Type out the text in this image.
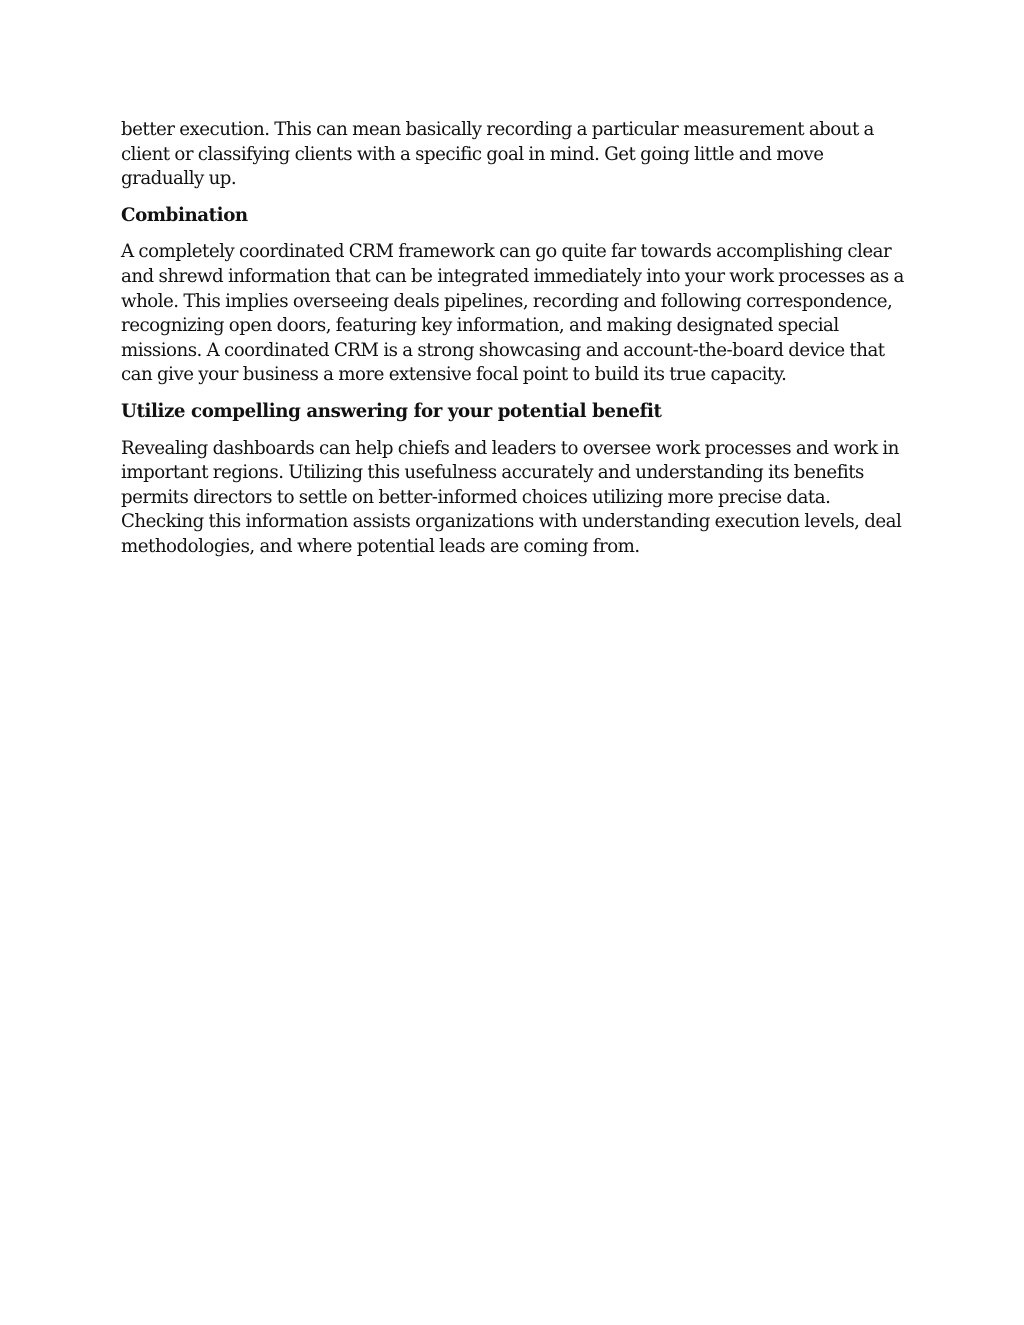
better execution. This can mean basically recording a particular measurement about a client or classifying clients with a specific goal in mind. Get going little and move gradually up.

Combination

A completely coordinated CRM framework can go quite far towards accomplishing clear and shrewd information that can be integrated immediately into your work processes as a whole. This implies overseeing deals pipelines, recording and following correspondence, recognizing open doors, featuring key information, and making designated special missions. A coordinated CRM is a strong showcasing and account-the-board device that can give your business a more extensive focal point to build its true capacity.

Utilize compelling answering for your potential benefit

Revealing dashboards can help chiefs and leaders to oversee work processes and work in important regions. Utilizing this usefulness accurately and understanding its benefits permits directors to settle on better-informed choices utilizing more precise data. Checking this information assists organizations with understanding execution levels, deal methodologies, and where potential leads are coming from.
